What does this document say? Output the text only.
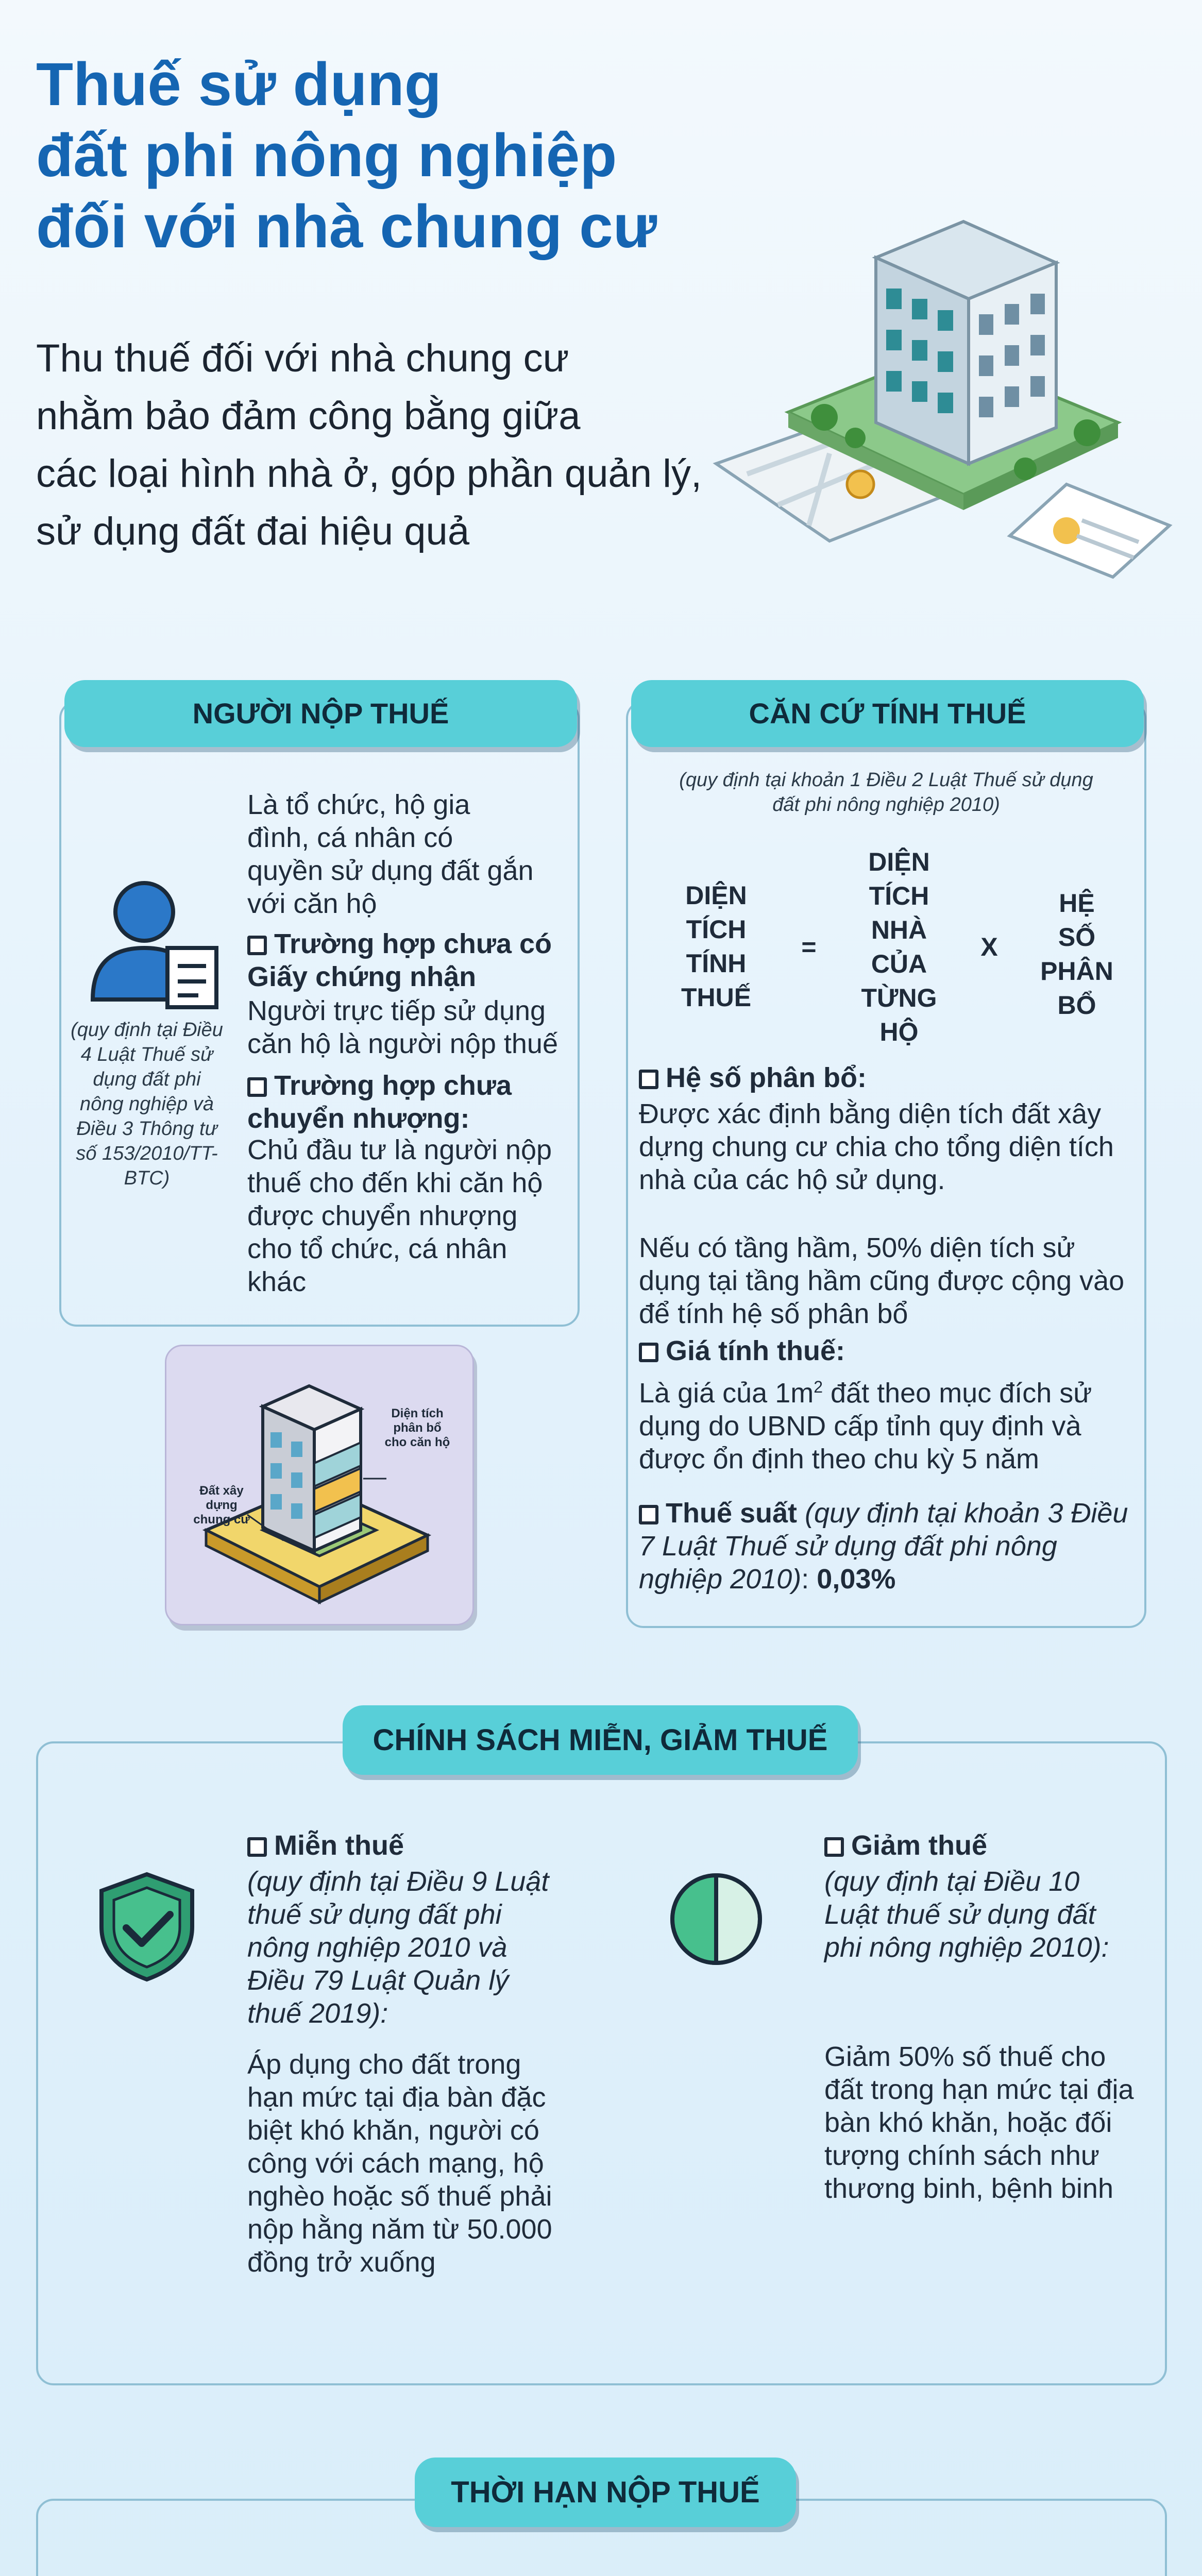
Thuế sử dụng
đất phi nông nghiệp
đối với nhà chung cư
Thu thuế đối với nhà chung cư
nhằm bảo đảm công bằng giữa
các loại hình nhà ở, góp phần quản lý,
sử dụng đất đai hiệu quả
NGƯỜI NỘP THUẾ
(quy định tại Điều 4 Luật Thuế sử dụng đất phi nông nghiệp và Điều 3 Thông tư số 153/2010/TT-BTC)
Là tổ chức, hộ gia đình, cá nhân có quyền sử dụng đất gắn với căn hộ
Trường hợp chưa có Giấy chứng nhận
Người trực tiếp sử dụng căn hộ là người nộp thuế
Trường hợp chưa chuyển nhượng:
Chủ đầu tư là người nộp thuế cho đến khi căn hộ được chuyển nhượng cho tổ chức, cá nhân khác
Đất xây dựng chung cư
Diện tích phân bổ cho căn hộ
CĂN CỨ TÍNH THUẾ
(quy định tại khoản 1 Điều 2 Luật Thuế sử dụng đất phi nông nghiệp 2010)
DIỆN
TÍCH
TÍNH
THUẾ
=
DIỆN
TÍCH
NHÀ
CỦA
TỪNG
HỘ
X
HỆ
SỐ
PHÂN
BỔ
Hệ số phân bổ:
Được xác định bằng diện tích đất xây dựng chung cư chia cho tổng diện tích nhà của các hộ sử dụng.
Nếu có tầng hầm, 50% diện tích sử dụng tại tầng hầm cũng được cộng vào để tính hệ số phân bổ
Giá tính thuế:
Là giá của $1m^2$ đất theo mục đích sử dụng do UBND cấp tỉnh quy định và được ổn định theo chu kỳ 5 năm
Thuế suất (quy định tại khoản 3 Điều 7 Luật Thuế sử dụng đất phi nông nghiệp 2010): 0,03%
CHÍNH SÁCH MIỄN, GIẢM THUẾ
Miễn thuế
(quy định tại Điều 9 Luật thuế sử dụng đất phi nông nghiệp 2010 và Điều 79 Luật Quản lý thuế 2019):
Áp dụng cho đất trong hạn mức tại địa bàn đặc biệt khó khăn, người có công với cách mạng, hộ nghèo hoặc số thuế phải nộp hằng năm từ 50.000 đồng trở xuống
Giảm thuế
(quy định tại Điều 10 Luật thuế sử dụng đất phi nông nghiệp 2010):
Giảm 50% số thuế cho đất trong hạn mức tại địa bàn khó khăn, hoặc đối tượng chính sách như thương binh, bệnh binh
THỜI HẠN NỘP THUẾ
